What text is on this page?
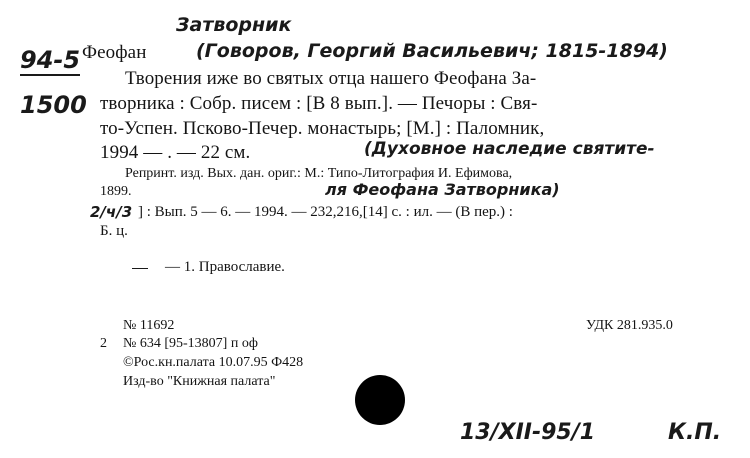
Затворник
94-5
1500
Феофан	(Говоров, Георгий Васильевич; 1815-1894)
Творения иже во святых отца нашего Феофана За-
творника : Собр. писем : [В 8 вып.]. — Печоры : Свя-
то-Успен. Псково-Печер. монастырь; [М.] : Паломник,
1994 — . — 22 см.	(Духовное наследие святите-
Репринт. изд. Вых. дан. ориг.: М.: Типо-Литография И. Ефимова,
ля Феофана Затворника)
1899.
2/ч/3 ] : Вып. 5 — 6. — 1994. — 232,216,[14] с. : ил. — (В пер.) :
Б. ц.
— 1. Православие.
№ 11692	УДК 281.935.0
2 № 634 [95-13807] п оф
©Рос.кн.палата 10.07.95 Ф428
Изд-во "Книжная палата"
13/XII-95/1	К.П.
